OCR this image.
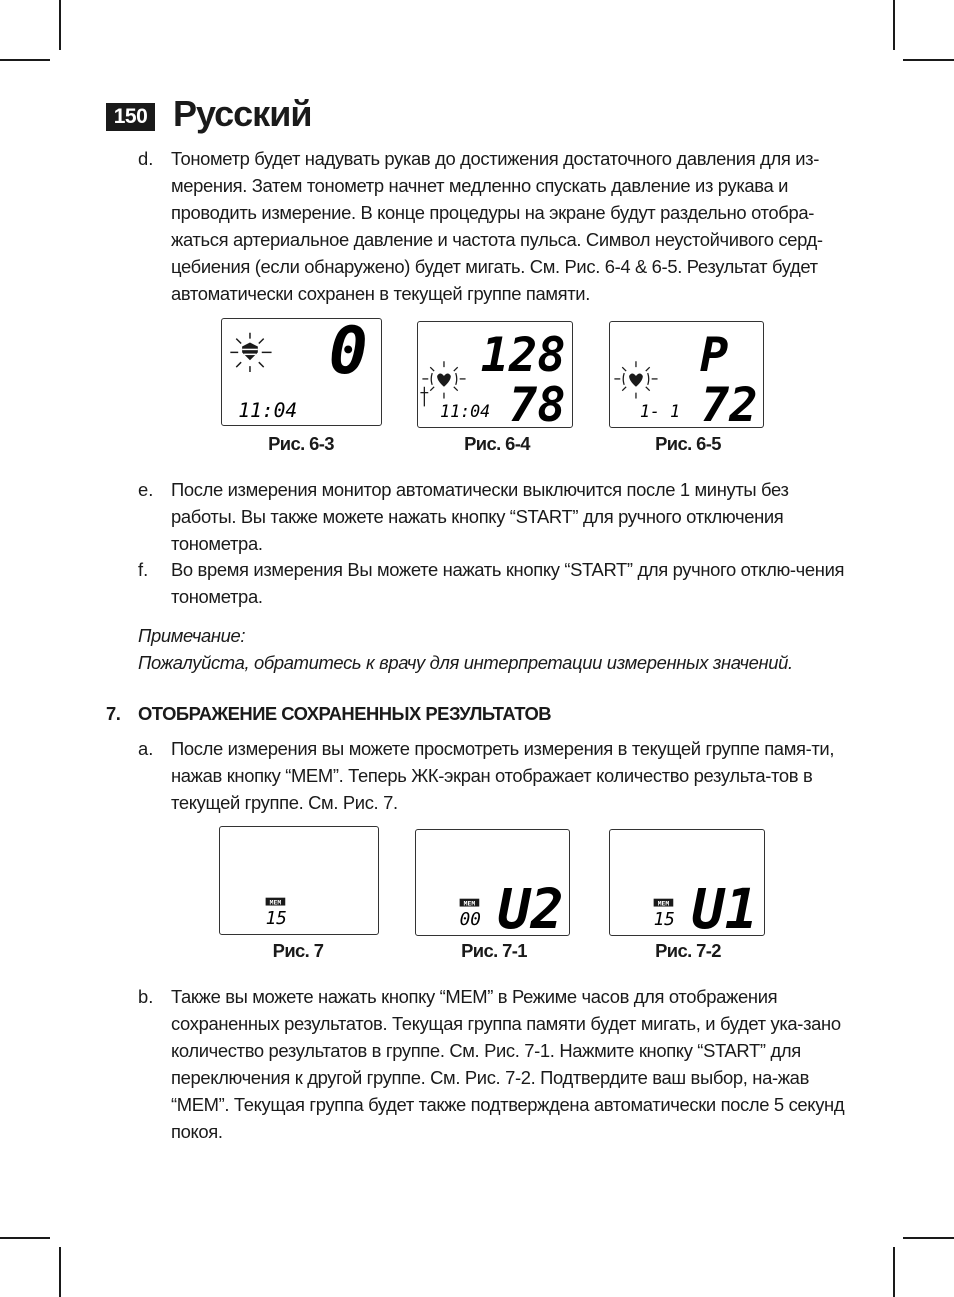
150 Русский
d. Тонометр будет надувать рукав до достижения достаточного давления для из-мерения. Затем тонометр начнет медленно спускать давление из рукава и проводить измерение. В конце процедуры на экране будут раздельно отобра-жаться артериальное давление и частота пульса. Символ неустойчивого серд-цебиения (если обнаружено) будет мигать. См. Рис. 6-4 & 6-5. Результат будет автоматически сохранен в текущей группе памяти.
0
11:04
Рис. 6-3
128
78
11:04
Рис. 6-4
P
72
1- 1
Рис. 6-5
e. После измерения монитор автоматически выключится после 1 минуты без работы. Вы также можете нажать кнопку “START” для ручного отключения тонометра.
f. Во время измерения Вы можете нажать кнопку “START” для ручного отклю-чения тонометра.
Примечание:
Пожалуйста, обратитесь к врачу для интерпретации измеренных значений.
7. ОТОБРАЖЕНИЕ СОХРАНЕННЫХ РЕЗУЛЬТАТОВ
a. После измерения вы можете просмотреть измерения в текущей группе памя-ти, нажав кнопку “MEM”. Теперь ЖК-экран отображает количество результа-тов в текущей группе. См. Рис. 7.
MEM
15
Рис. 7
MEM
00 U2
Рис. 7-1
MEM
15 U1
Рис. 7-2
b. Также вы можете нажать кнопку “MEM” в Режиме часов для отображения сохраненных результатов. Текущая группа памяти будет мигать, и будет ука-зано количество результатов в группе. См. Рис. 7-1. Нажмите кнопку “START” для переключения к другой группе. См. Рис. 7-2. Подтвердите ваш выбор, на-жав “MEM”. Текущая группа будет также подтверждена автоматически после 5 секунд покоя.
